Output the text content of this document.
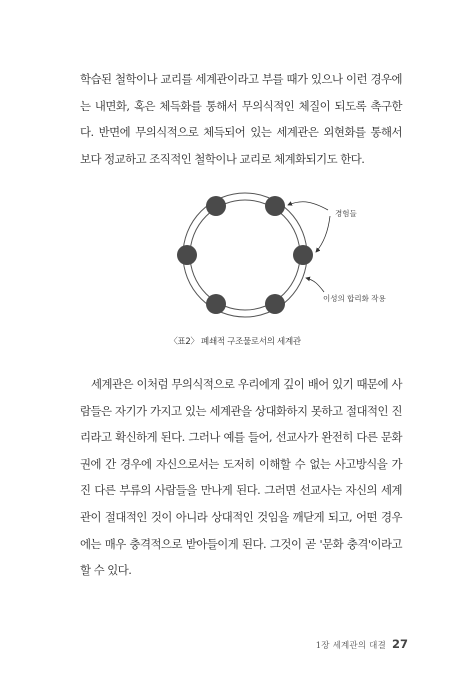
학습된 철학이나 교리를 세계관이라고 부를 때가 있으나 이런 경우에는 내면화, 혹은 체득화를 통해서 무의식적인 체질이 되도록 촉구한다. 반면에 무의식적으로 체득되어 있는 세계관은 외현화를 통해서 보다 정교하고 조직적인 철학이나 교리로 체계화되기도 한다.

경험들
이성의 합리화 작용
〈표2〉 폐쇄적 구조물로서의 세계관

세계관은 이처럼 무의식적으로 우리에게 깊이 배어 있기 때문에 사람들은 자기가 가지고 있는 세계관을 상대화하지 못하고 절대적인 진리라고 확신하게 된다. 그러나 예를 들어, 선교사가 완전히 다른 문화권에 간 경우에 자신으로서는 도저히 이해할 수 없는 사고방식을 가진 다른 부류의 사람들을 만나게 된다. 그러면 선교사는 자신의 세계관이 절대적인 것이 아니라 상대적인 것임을 깨닫게 되고, 어떤 경우에는 매우 충격적으로 받아들이게 된다. 그것이 곧 '문화 충격'이라고 할 수 있다.

1장 세계관의 대결 27
